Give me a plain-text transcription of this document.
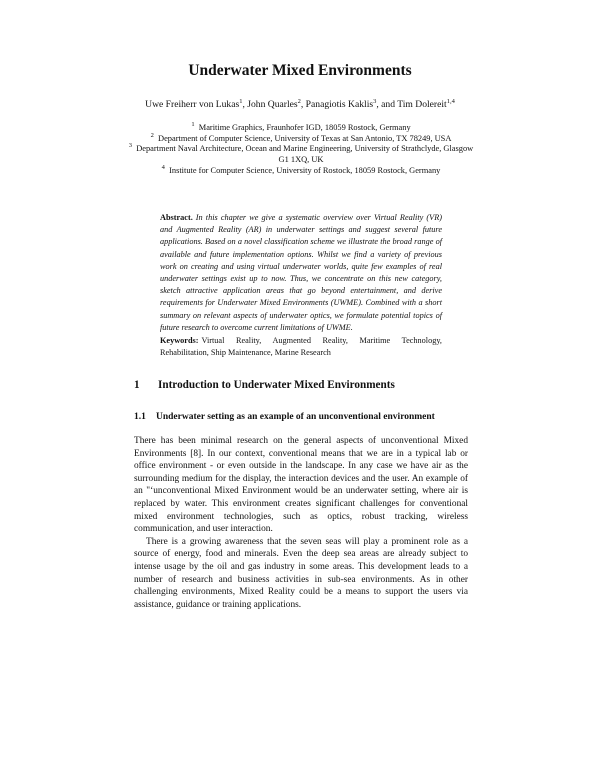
Underwater Mixed Environments
Uwe Freiherr von Lukas$^1$, John Quarles$^2$, Panagiotis Kaklis$^3$, and Tim Dolereit$^{1,4}$
$^1$ Maritime Graphics, Fraunhofer IGD, 18059 Rostock, Germany
$^2$ Department of Computer Science, University of Texas at San Antonio, TX 78249, USA
$^3$ Department Naval Architecture, Ocean and Marine Engineering, University of Strathclyde, Glasgow G1 1XQ, UK
$^4$ Institute for Computer Science, University of Rostock, 18059 Rostock, Germany
Abstract. In this chapter we give a systematic overview over Virtual Reality (VR) and Augmented Reality (AR) in underwater settings and suggest several future applications. Based on a novel classification scheme we illustrate the broad range of available and future implementation options. Whilst we find a variety of previous work on creating and using virtual underwater worlds, quite few examples of real underwater settings exist up to now. Thus, we concentrate on this new category, sketch attractive application areas that go beyond entertainment, and derive requirements for Underwater Mixed Environments (UWME). Combined with a short summary on relevant aspects of underwater optics, we formulate potential topics of future research to overcome current limitations of UWME.
Keywords: Virtual Reality, Augmented Reality, Maritime Technology, Rehabilitation, Ship Maintenance, Marine Research
1 Introduction to Underwater Mixed Environments
1.1 Underwater setting as an example of an unconventional environment

There has been minimal research on the general aspects of unconventional Mixed Environments [8]. In our context, conventional means that we are in a typical lab or office environment - or even outside in the landscape. In any case we have air as the surrounding medium for the display, the interaction devices and the user. An example of an "‘unconventional Mixed Environment would be an underwater setting, where air is replaced by water. This environment creates significant challenges for conventional mixed environment technologies, such as optics, robust tracking, wireless communication, and user interaction.

There is a growing awareness that the seven seas will play a prominent role as a source of energy, food and minerals. Even the deep sea areas are already subject to intense usage by the oil and gas industry in some areas. This development leads to a number of research and business activities in sub-sea environments. As in other challenging environments, Mixed Reality could be a means to support the users via assistance, guidance or training applications.
